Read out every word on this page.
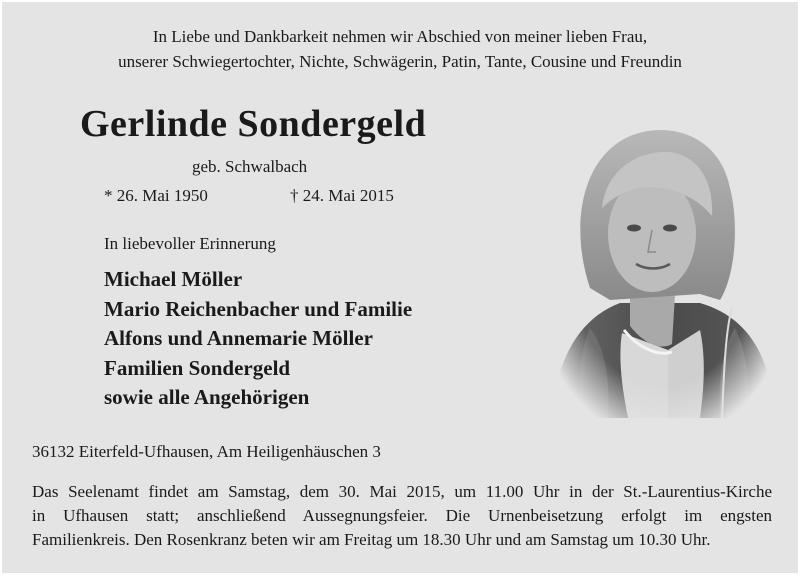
In Liebe und Dankbarkeit nehmen wir Abschied von meiner lieben Frau,
unserer Schwiegertochter, Nichte, Schwägerin, Patin, Tante, Cousine und Freundin
Gerlinde Sondergeld
geb. Schwalbach
* 26. Mai 1950	† 24. Mai 2015
In liebevoller Erinnerung
Michael Möller
Mario Reichenbacher und Familie
Alfons und Annemarie Möller
Familien Sondergeld
sowie alle Angehörigen
36132 Eiterfeld-Ufhausen, Am Heiligenhäuschen 3
Das Seelenamt findet am Samstag, dem 30. Mai 2015, um 11.00 Uhr in der St.-Laurentius-Kirche
in Ufhausen statt; anschließend Aussegnungsfeier. Die Urnenbeisetzung erfolgt im engsten
Familienkreis. Den Rosenkranz beten wir am Freitag um 18.30 Uhr und am Samstag um 10.30 Uhr.
